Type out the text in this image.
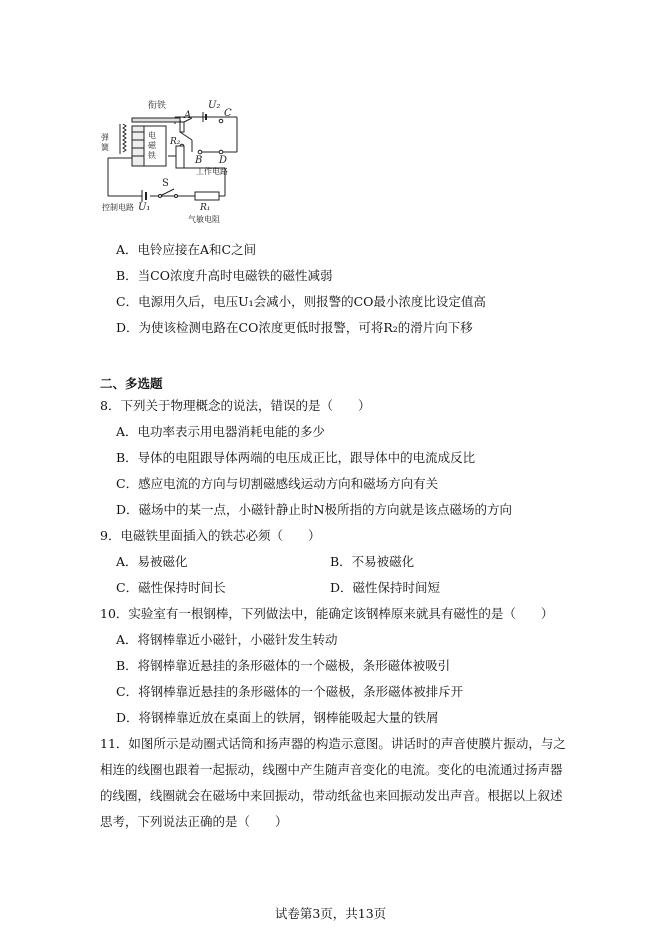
衔铁
弹
簧
电
磁
铁
U₂
A	C
B D
R₂
工作电路
S
控制电路 U₁	R₁
气敏电阻
A．电铃应接在A和C之间
B．当CO浓度升高时电磁铁的磁性减弱
C．电源用久后，电压U₁会减小，则报警的CO最小浓度比设定值高
D．为使该检测电路在CO浓度更低时报警，可将R₂的滑片向下移
二、多选题
8．下列关于物理概念的说法，错误的是（　　）
A．电功率表示用电器消耗电能的多少
B．导体的电阻跟导体两端的电压成正比，跟导体中的电流成反比
C．感应电流的方向与切割磁感线运动方向和磁场方向有关
D．磁场中的某一点，小磁针静止时N极所指的方向就是该点磁场的方向
9．电磁铁里面插入的铁芯必须（　　）
A．易被磁化	B．不易被磁化
C．磁性保持时间长	D．磁性保持时间短
10．实验室有一根钢棒，下列做法中，能确定该钢棒原来就具有磁性的是（　　）
A．将钢棒靠近小磁针，小磁针发生转动
B．将钢棒靠近悬挂的条形磁体的一个磁极，条形磁体被吸引
C．将钢棒靠近悬挂的条形磁体的一个磁极，条形磁体被排斥开
D．将钢棒靠近放在桌面上的铁屑，钢棒能吸起大量的铁屑
11．如图所示是动圈式话筒和扬声器的构造示意图。讲话时的声音使膜片振动，与之相连的线圈也跟着一起振动，线圈中产生随声音变化的电流。变化的电流通过扬声器的线圈，线圈就会在磁场中来回振动，带动纸盆也来回振动发出声音。根据以上叙述思考，下列说法正确的是（　　）
试卷第3页，共13页
